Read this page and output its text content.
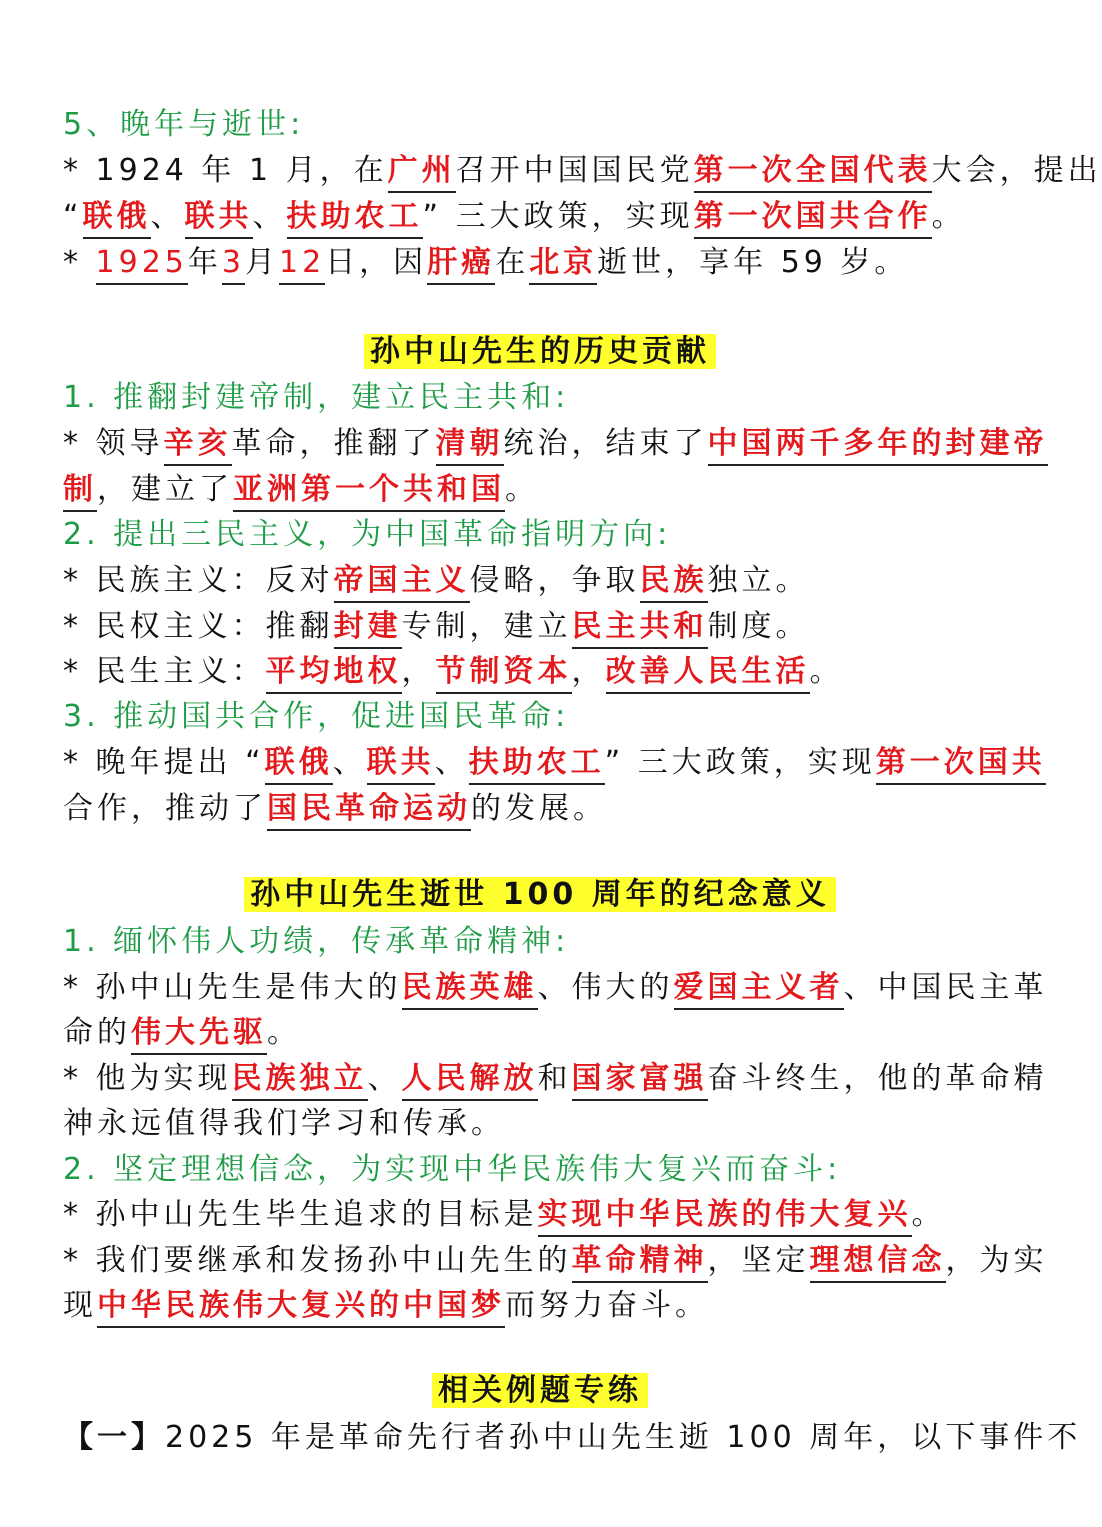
5、晚年与逝世:
* 1924 年 1 月，在广州召开中国国民党第一次全国代表大会，提出
“联俄、联共、扶助农工” 三大政策，实现第一次国共合作。
* 1925年3月12日，因肝癌在北京逝世，享年 59 岁。
孙中山先生的历史贡献
1. 推翻封建帝制，建立民主共和:
* 领导辛亥革命，推翻了清朝统治，结束了中国两千多年的封建帝
制，建立了亚洲第一个共和国。
2. 提出三民主义，为中国革命指明方向:
* 民族主义：反对帝国主义侵略，争取民族独立。
* 民权主义：推翻封建专制，建立民主共和制度。
* 民生主义：平均地权，节制资本，改善人民生活。
3. 推动国共合作，促进国民革命:
* 晚年提出 “联俄、联共、扶助农工” 三大政策，实现第一次国共
合作，推动了国民革命运动的发展。
孙中山先生逝世 100 周年的纪念意义
1. 缅怀伟人功绩，传承革命精神:
* 孙中山先生是伟大的民族英雄、伟大的爱国主义者、中国民主革
命的伟大先驱。
* 他为实现民族独立、人民解放和国家富强奋斗终生，他的革命精
神永远值得我们学习和传承。
2. 坚定理想信念，为实现中华民族伟大复兴而奋斗:
* 孙中山先生毕生追求的目标是实现中华民族的伟大复兴。
* 我们要继承和发扬孙中山先生的革命精神，坚定理想信念，为实
现中华民族伟大复兴的中国梦而努力奋斗。
相关例题专练
【一】2025 年是革命先行者孙中山先生逝 100 周年，以下事件不
